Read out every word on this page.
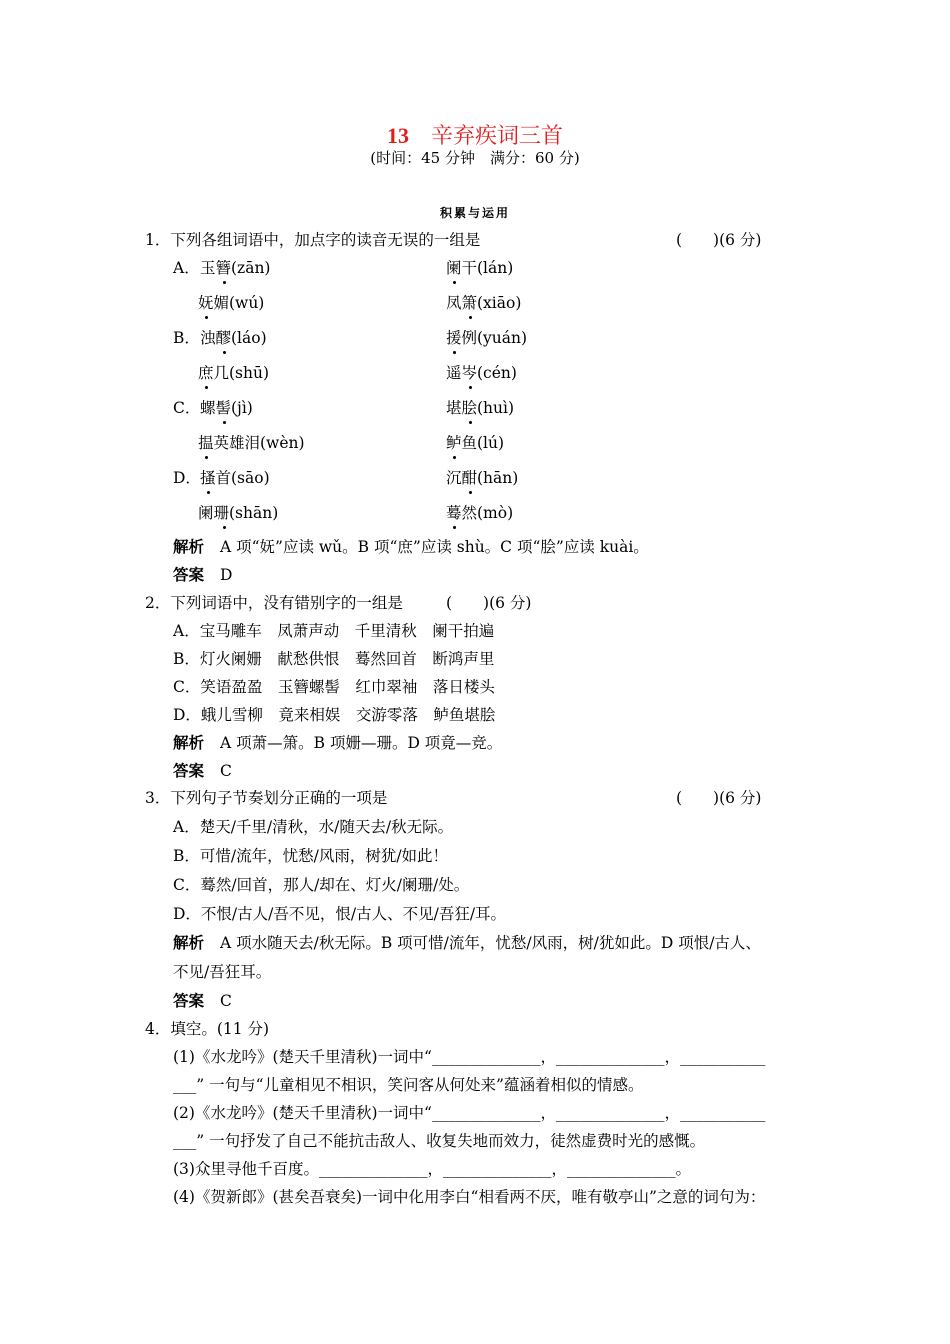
13 辛弃疾词三首
(时间：45 分钟　满分：60 分)
积累与运用
1．下列各组词语中，加点字的读音无误的一组是	(　　)(6 分)
A． 玉簪(zān)	阑干(lán)
妩媚(wú)	凤箫(xiāo)
B． 浊醪(láo)	援例(yuán)
庶几(shū)	遥岑(cén)
C． 螺髻(jì)	堪脍(huì)
揾英雄泪(wèn)	鲈鱼(lú)
D． 搔首(sāo)	沉酣(hān)
阑珊(shān)	蓦然(mò)
解析 A 项“妩”应读 wǔ。B 项“庶”应读 shù。C 项“脍”应读 kuài。
答案 D
2．下列词语中，没有错别字的一组是	(　　)(6 分)
A．宝马雕车　凤萧声动　千里清秋　阑干拍遍
B．灯火阑姗　献愁供恨　蓦然回首　断鸿声里
C．笑语盈盈　玉簪螺髻　红巾翠袖　落日楼头
D．蛾儿雪柳　竟来相娱　交游零落　鲈鱼堪脍
解析 A 项萧—箫。B 项姗—珊。D 项竟—竞。
答案 C
3．下列句子节奏划分正确的一项是	(　　)(6 分)
A．楚天/千里/清秋，水/随天去/秋无际。
B．可惜/流年，忧愁/风雨，树犹/如此！
C．蓦然/回首，那人/却在、灯火/阑珊/处。
D．不恨/古人/吾不见，恨/古人、不见/吾狂/耳。
解析 A 项水随天去/秋无际。B 项可惜/流年，忧愁/风雨，树/犹如此。D 项恨/古人、
不见/吾狂耳。
答案 C
4．填空。(11 分)
(1)《水龙吟》(楚天千里清秋)一词中“______________，______________，___________
___” 一句与“儿童相见不相识，笑问客从何处来”蕴涵着相似的情感。
(2)《水龙吟》(楚天千里清秋)一词中“______________，______________，___________
___” 一句抒发了自己不能抗击敌人、收复失地而效力，徒然虚费时光的感慨。
(3)众里寻他千百度。______________，______________，______________。
(4)《贺新郎》(甚矣吾衰矣)一词中化用李白“相看两不厌，唯有敬亭山”之意的词句为：
